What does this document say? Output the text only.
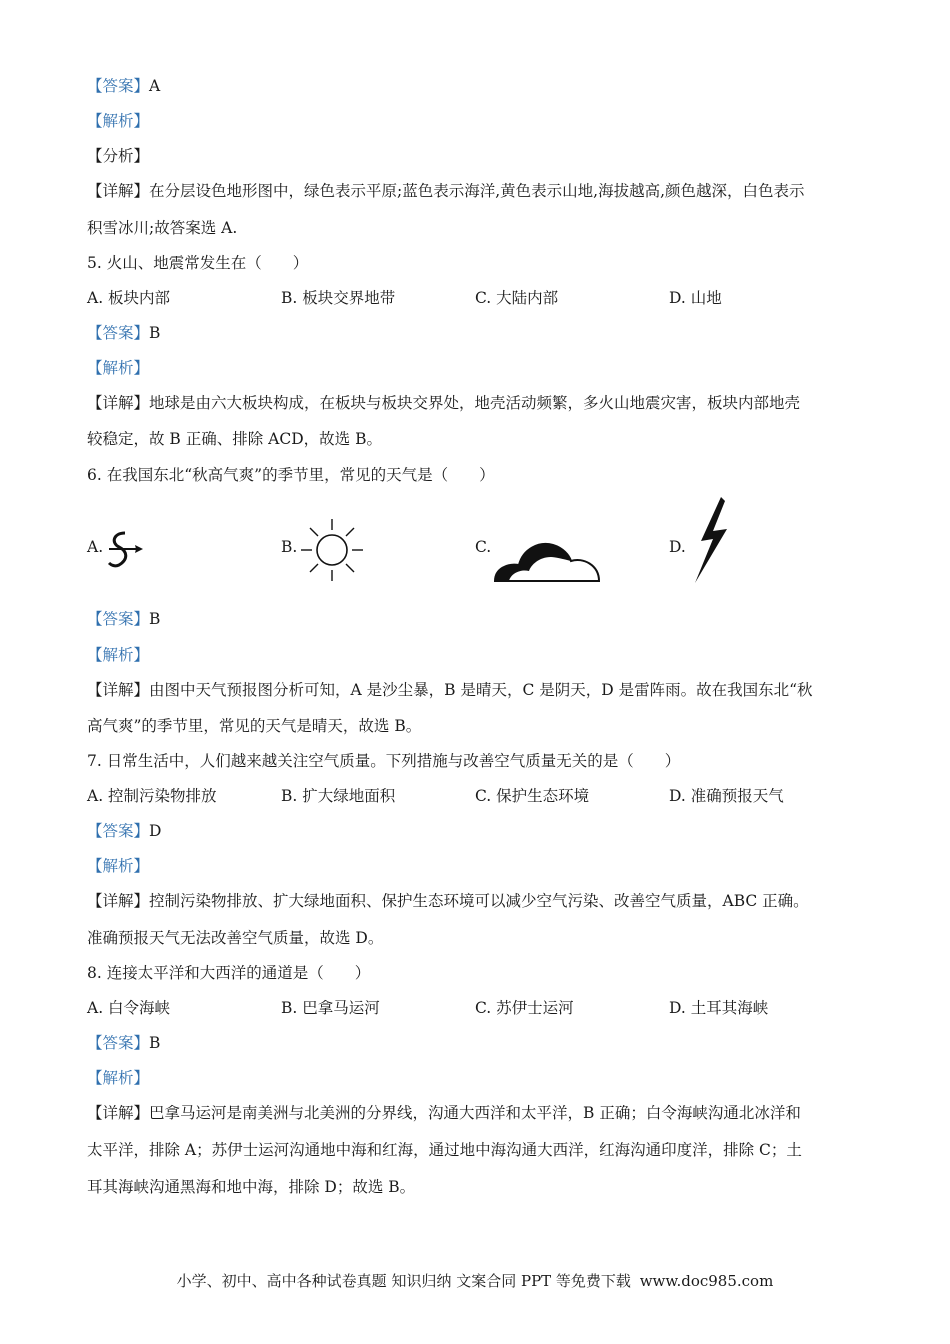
【答案】A
【解析】
【分析】
【详解】在分层设色地形图中，绿色表示平原;蓝色表示海洋,黄色表示山地,海拔越高,颜色越深，白色表示
积雪冰川;故答案选 A.
5. 火山、地震常发生在（　　）
A. 板块内部	B. 板块交界地带	C. 大陆内部	D. 山地
【答案】B
【解析】
【详解】地球是由六大板块构成，在板块与板块交界处，地壳活动频繁，多火山地震灾害，板块内部地壳
较稳定，故 B 正确、排除 ACD，故选 B。
6. 在我国东北“秋高气爽”的季节里，常见的天气是（　　）
A.	B.	C.	D.
【答案】B
【解析】
【详解】由图中天气预报图分析可知，A 是沙尘暴，B 是晴天，C 是阴天，D 是雷阵雨。故在我国东北“秋
高气爽”的季节里，常见的天气是晴天，故选 B。
7. 日常生活中，人们越来越关注空气质量。下列措施与改善空气质量无关的是（　　）
A. 控制污染物排放	B. 扩大绿地面积	C. 保护生态环境	D. 准确预报天气
【答案】D
【解析】
【详解】控制污染物排放、扩大绿地面积、保护生态环境可以减少空气污染、改善空气质量，ABC 正确。
准确预报天气无法改善空气质量，故选 D。
8. 连接太平洋和大西洋的通道是（　　）
A. 白令海峡	B. 巴拿马运河	C. 苏伊士运河	D. 土耳其海峡
【答案】B
【解析】
【详解】巴拿马运河是南美洲与北美洲的分界线，沟通大西洋和太平洋，B 正确；白令海峡沟通北冰洋和
太平洋，排除 A；苏伊士运河沟通地中海和红海，通过地中海沟通大西洋，红海沟通印度洋，排除 C；土
耳其海峡沟通黑海和地中海，排除 D；故选 B。
小学、初中、高中各种试卷真题 知识归纳 文案合同 PPT 等免费下载 www.doc985.com
